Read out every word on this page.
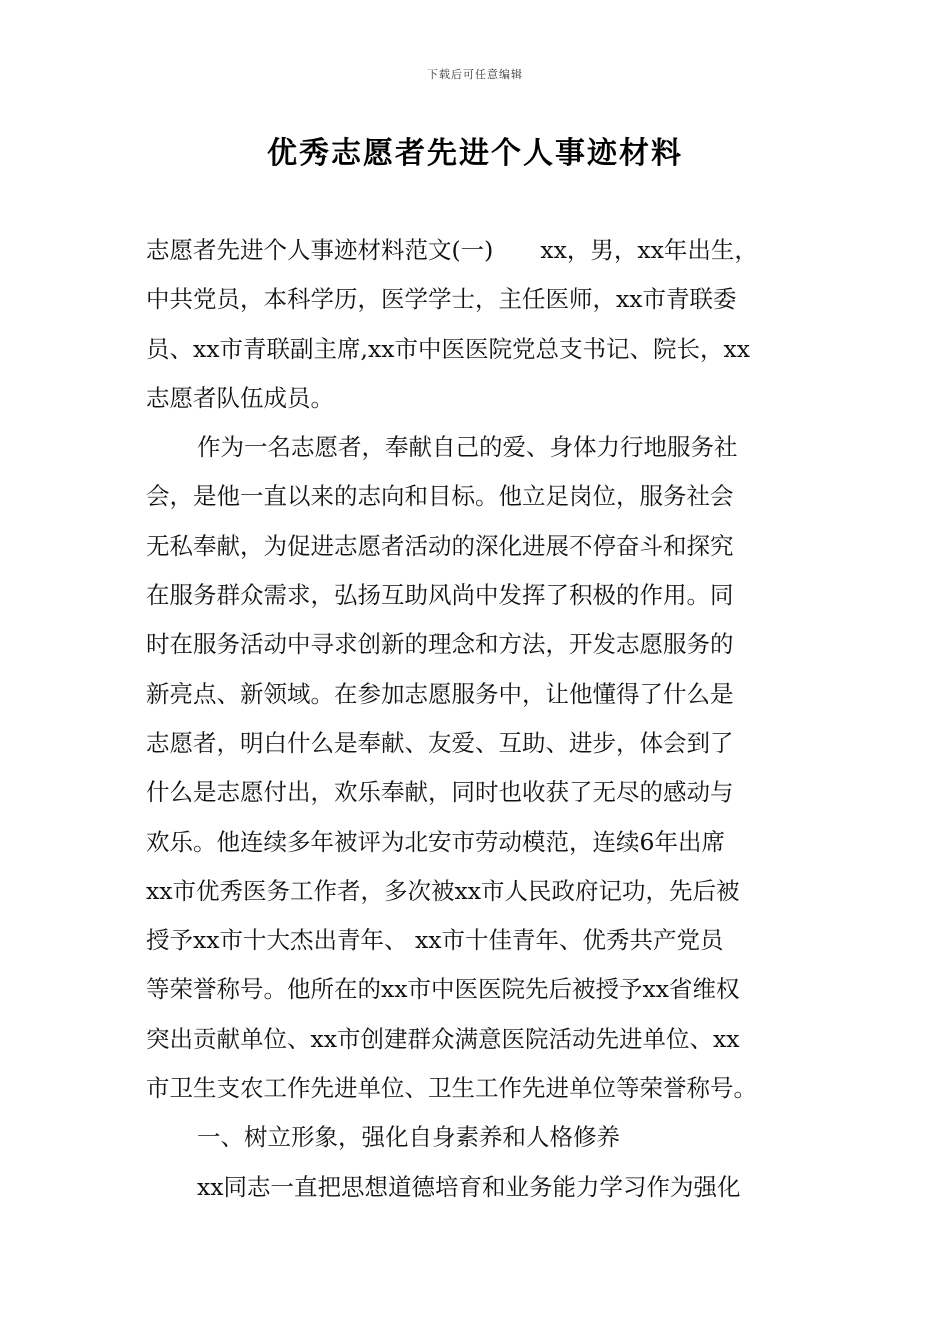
下载后可任意编辑
优秀志愿者先进个人事迹材料
志愿者先进个人事迹材料范文(一)　　xx，男，xx年出生，
中共党员，本科学历，医学学士，主任医师，xx市青联委
员、xx市青联副主席,xx市中医医院党总支书记、院长，xx
志愿者队伍成员。
作为一名志愿者，奉献自己的爱、身体力行地服务社
会，是他一直以来的志向和目标。他立足岗位，服务社会
无私奉献，为促进志愿者活动的深化进展不停奋斗和探究
在服务群众需求，弘扬互助风尚中发挥了积极的作用。同
时在服务活动中寻求创新的理念和方法，开发志愿服务的
新亮点、新领域。在参加志愿服务中，让他懂得了什么是
志愿者，明白什么是奉献、友爱、互助、进步，体会到了
什么是志愿付出，欢乐奉献，同时也收获了无尽的感动与
欢乐。他连续多年被评为北安市劳动模范，连续6年出席
xx市优秀医务工作者，多次被xx市人民政府记功，先后被
授予xx市十大杰出青年、 xx市十佳青年、优秀共产党员
等荣誉称号。他所在的xx市中医医院先后被授予xx省维权
突出贡献单位、xx市创建群众满意医院活动先进单位、xx
市卫生支农工作先进单位、卫生工作先进单位等荣誉称号。
一、树立形象，强化自身素养和人格修养
xx同志一直把思想道德培育和业务能力学习作为强化
